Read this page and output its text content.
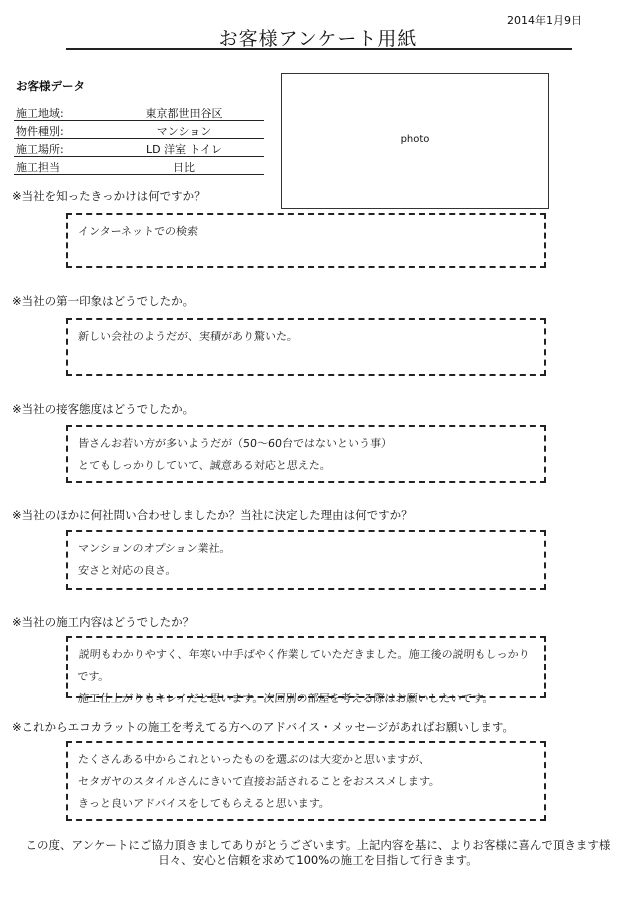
2014年1月9日
お客様アンケート用紙
お客様データ
施工地域:	東京都世田谷区
物件種別:	マンション
施工場所:	LD 洋室 トイレ
施工担当	日比
photo
※当社を知ったきっかけは何ですか？
インターネットでの検索
※当社の第一印象はどうでしたか。
新しい会社のようだが、実積があり驚いた。
※当社の接客態度はどうでしたか。
皆さんお若い方が多いようだが（50〜60台ではないという事）
とてもしっかりしていて、誠意ある対応と思えた。
※当社のほかに何社問い合わせしましたか？当社に決定した理由は何ですか？
マンションのオプション業社。
安さと対応の良さ。
※当社の施工内容はどうでしたか？
説明もわかりやすく、年寒い中手ばやく作業していただきました。施工後の説明もしっかりです。
施工仕上がりもキレイだと思います。次回別の部屋を考える際はお願いしたいです。
※これからエコカラットの施工を考えてる方へのアドバイス・メッセージがあればお願いします。
たくさんある中からこれといったものを選ぶのは大変かと思いますが、
セタガヤのスタイルさんにきいて直接お話されることをおススメします。
きっと良いアドバイスをしてもらえると思います。
この度、アンケートにご協力頂きましてありがとうございます。上記内容を基に、よりお客様に喜んで頂きます様
日々、安心と信頼を求めて100%の施工を目指して行きます。
